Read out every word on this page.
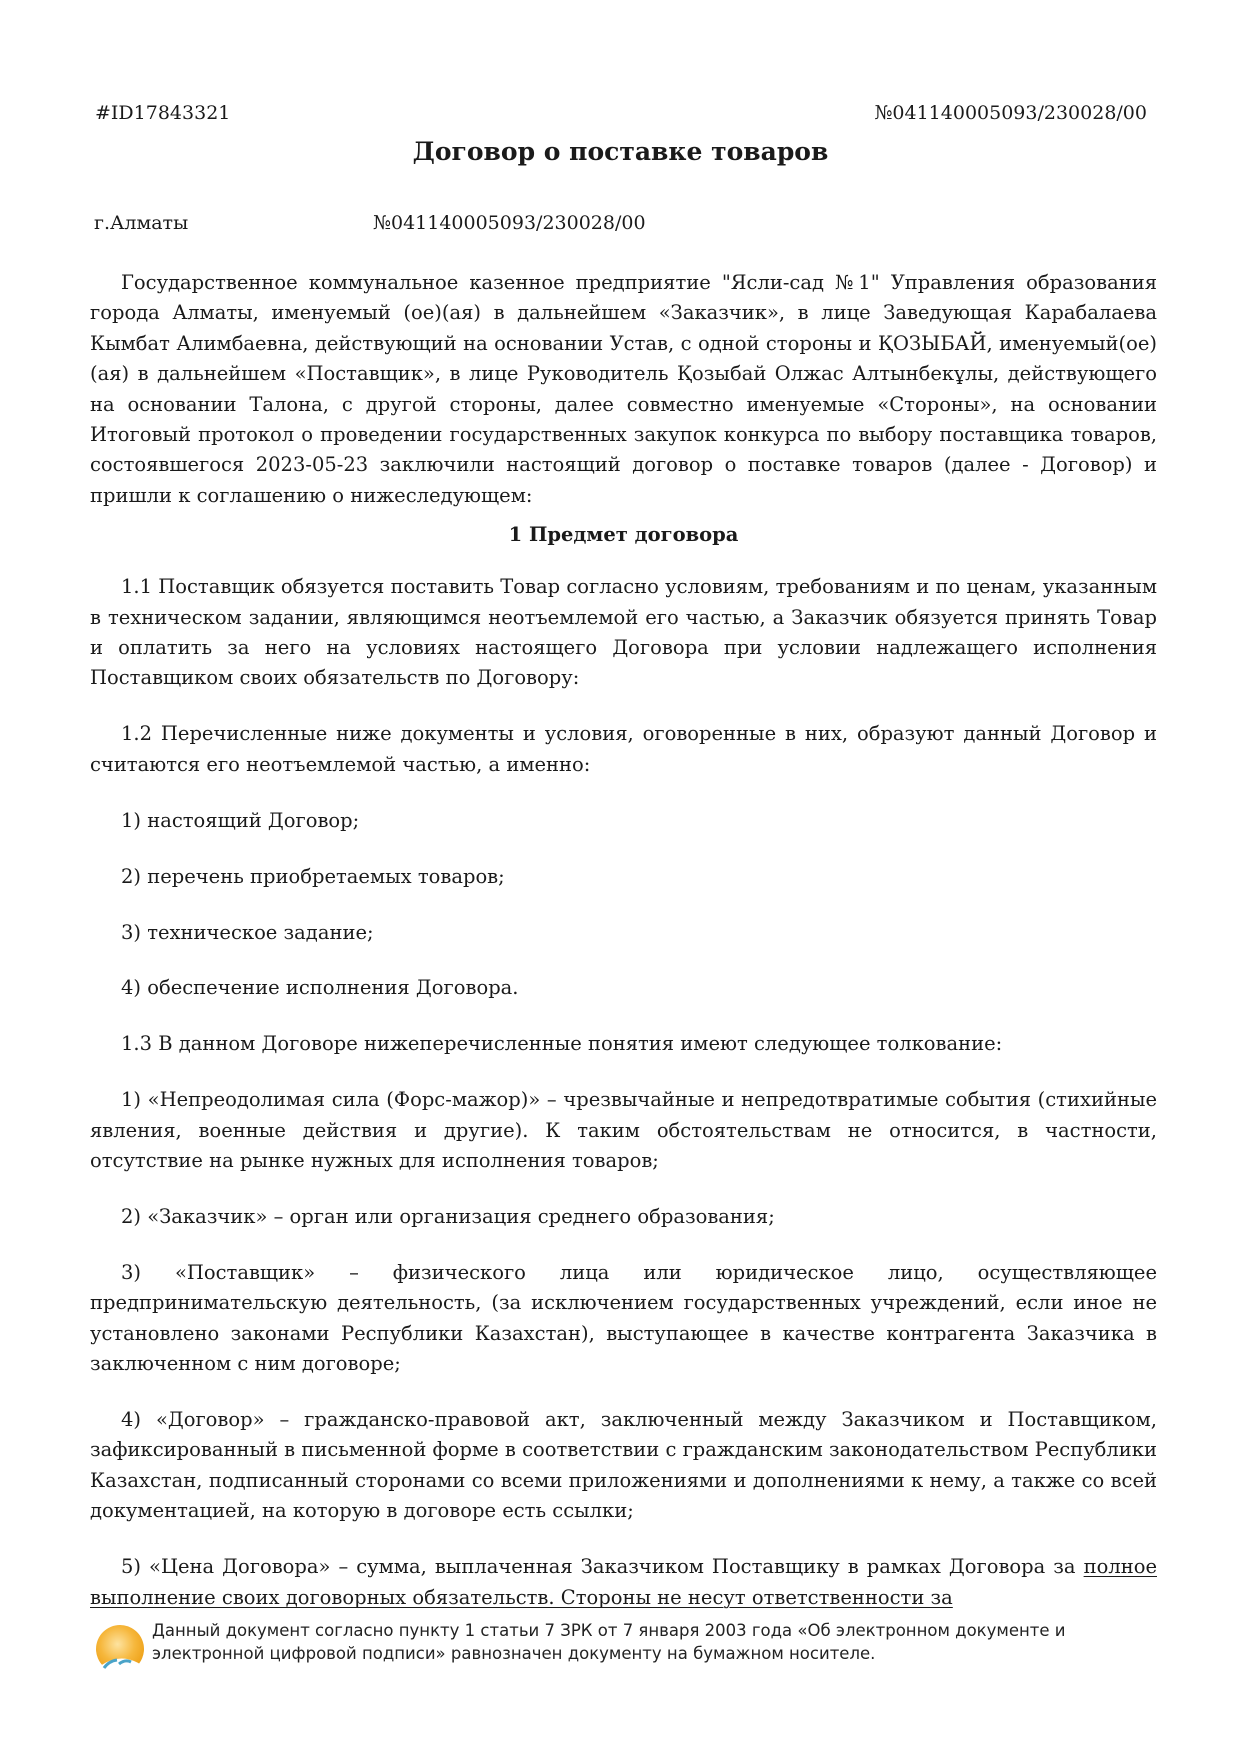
#ID17843321	№041140005093/230028/00
Договор о поставке товаров
г.Алматы	№041140005093/230028/00

Государственное коммунальное казенное предприятие "Ясли-сад №1" Управления образования города Алматы, именуемый (ое)(ая) в дальнейшем «Заказчик», в лице Заведующая Карабалаева Кымбат Алимбаевна, действующий на основании Устав, с одной стороны и ҚОЗЫБАЙ, именуемый(ое)(ая) в дальнейшем «Поставщик», в лице Руководитель Қозыбай Олжас Алтынбекұлы, действующего на основании Талона, с другой стороны, далее совместно именуемые «Стороны», на основании Итоговый протокол о проведении государственных закупок конкурса по выбору поставщика товаров, состоявшегося 2023-05-23 заключили настоящий договор о поставке товаров (далее - Договор) и пришли к соглашению о нижеследующем:

1 Предмет договора

1.1 Поставщик обязуется поставить Товар согласно условиям, требованиям и по ценам, указанным в техническом задании, являющимся неотъемлемой его частью, а Заказчик обязуется принять Товар и оплатить за него на условиях настоящего Договора при условии надлежащего исполнения Поставщиком своих обязательств по Договору:

1.2 Перечисленные ниже документы и условия, оговоренные в них, образуют данный Договор и считаются его неотъемлемой частью, а именно:

1) настоящий Договор;

2) перечень приобретаемых товаров;

3) техническое задание;

4) обеспечение исполнения Договора.

1.3 В данном Договоре нижеперечисленные понятия имеют следующее толкование:

1) «Непреодолимая сила (Форс-мажор)» – чрезвычайные и непредотвратимые события (стихийные явления, военные действия и другие). К таким обстоятельствам не относится, в частности, отсутствие на рынке нужных для исполнения товаров;

2) «Заказчик» – орган или организация среднего образования;

3) «Поставщик» – физического лица или юридическое лицо, осуществляющее предпринимательскую деятельность, (за исключением государственных учреждений, если иное не установлено законами Республики Казахстан), выступающее в качестве контрагента Заказчика в заключенном с ним договоре;

4) «Договор» – гражданско-правовой акт, заключенный между Заказчиком и Поставщиком, зафиксированный в письменной форме в соответствии с гражданским законодательством Республики Казахстан, подписанный сторонами со всеми приложениями и дополнениями к нему, а также со всей документацией, на которую в договоре есть ссылки;

5) «Цена Договора» – сумма, выплаченная Заказчиком Поставщику в рамках Договора за полное выполнение своих договорных обязательств. Стороны не несут ответственности за

Данный документ согласно пункту 1 статьи 7 ЗРК от 7 января 2003 года «Об электронном документе и электронной цифровой подписи» равнозначен документу на бумажном носителе.
